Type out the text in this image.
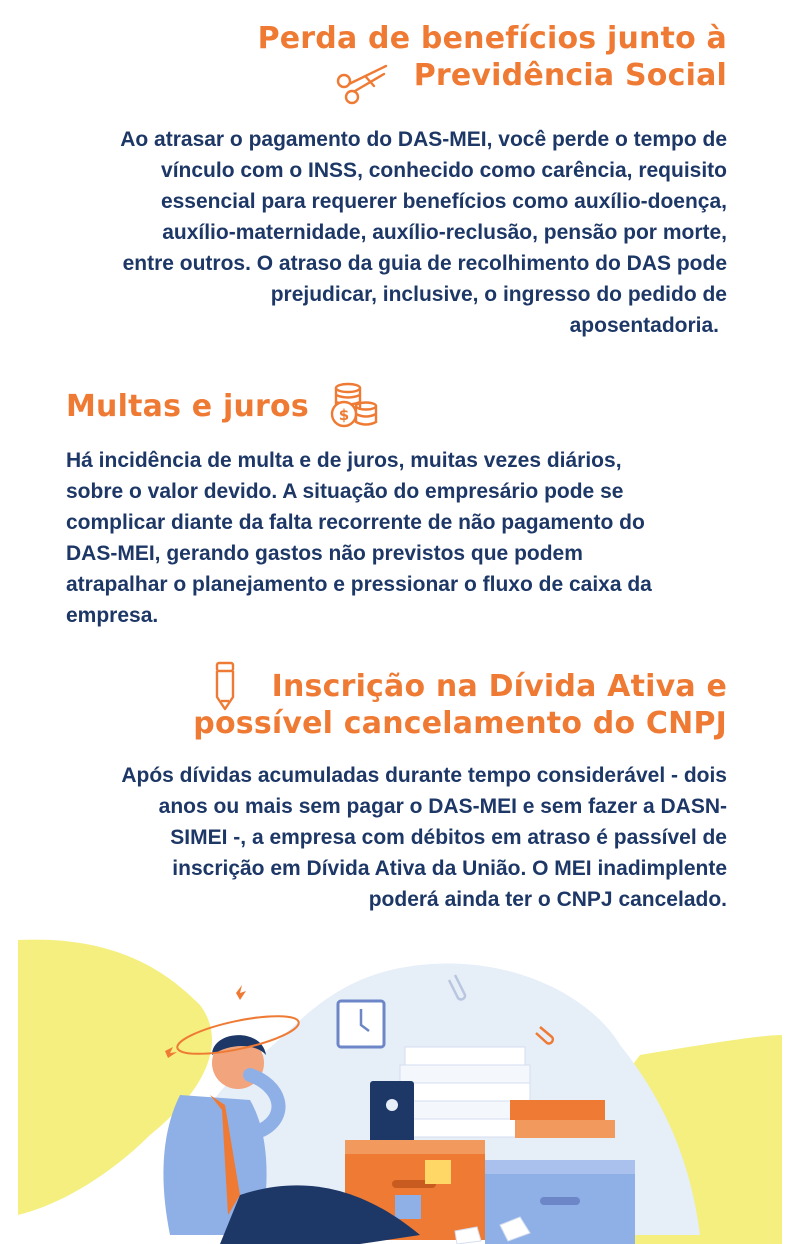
Perda de benefícios junto à
Previdência Social
Ao atrasar o pagamento do DAS-MEI, você perde o tempo de
vínculo com o INSS, conhecido como carência, requisito
essencial para requerer benefícios como auxílio-doença,
auxílio-maternidade, auxílio-reclusão, pensão por morte,
entre outros. O atraso da guia de recolhimento do DAS pode
prejudicar, inclusive, o ingresso do pedido de
aposentadoria.
Multas e juros $
Há incidência de multa e de juros, muitas vezes diários,
sobre o valor devido. A situação do empresário pode se
complicar diante da falta recorrente de não pagamento do
DAS-MEI, gerando gastos não previstos que podem
atrapalhar o planejamento e pressionar o fluxo de caixa da
empresa.
Inscrição na Dívida Ativa e
possível cancelamento do CNPJ
Após dívidas acumuladas durante tempo considerável - dois
anos ou mais sem pagar o DAS-MEI e sem fazer a DASN-
SIMEI -, a empresa com débitos em atraso é passível de
inscrição em Dívida Ativa da União. O MEI inadimplente
poderá ainda ter o CNPJ cancelado.
